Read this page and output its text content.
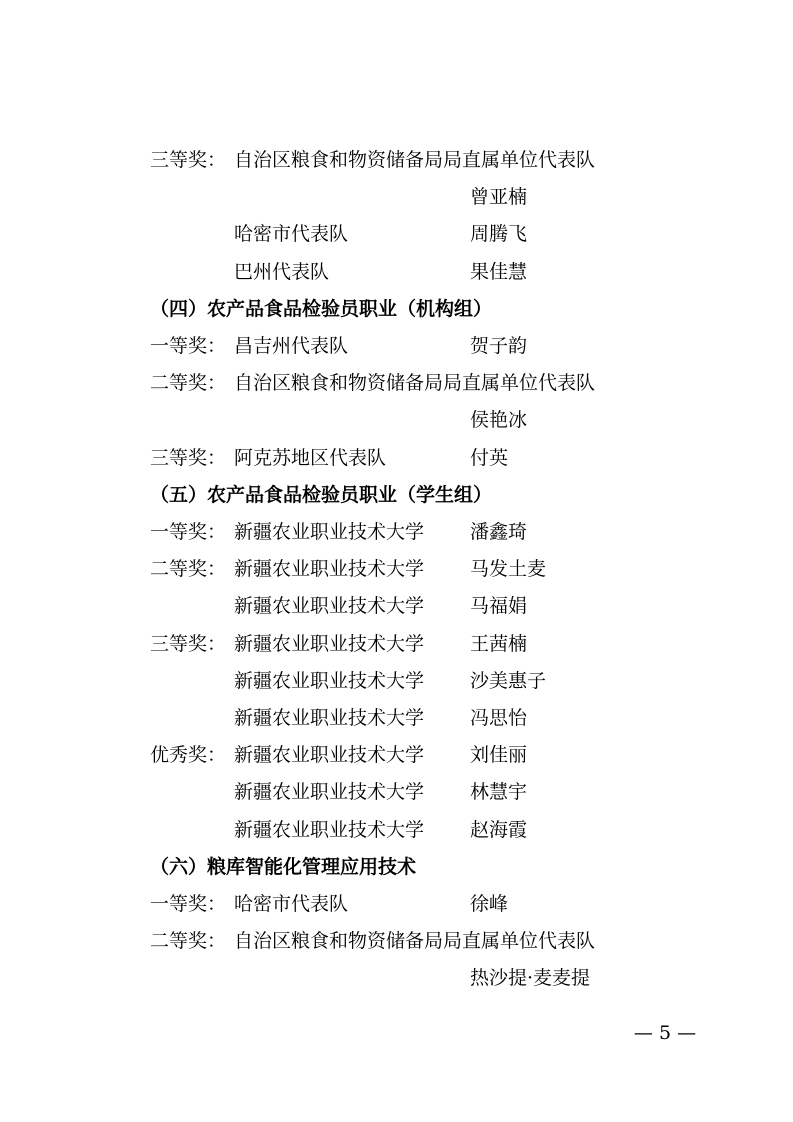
三等奖： 自治区粮食和物资储备局局直属单位代表队
曾亚楠
哈密市代表队	周腾飞
巴州代表队	果佳慧
（四）农产品食品检验员职业（机构组）
一等奖： 昌吉州代表队	贺子韵
二等奖： 自治区粮食和物资储备局局直属单位代表队
侯艳冰
三等奖： 阿克苏地区代表队	付英
（五）农产品食品检验员职业（学生组）
一等奖： 新疆农业职业技术大学 潘鑫琦
二等奖： 新疆农业职业技术大学 马发土麦
新疆农业职业技术大学 马福娟
三等奖： 新疆农业职业技术大学 王茜楠
新疆农业职业技术大学 沙美惠子
新疆农业职业技术大学 冯思怡
优秀奖： 新疆农业职业技术大学 刘佳丽
新疆农业职业技术大学 林慧宇
新疆农业职业技术大学 赵海霞
（六）粮库智能化管理应用技术
一等奖： 哈密市代表队	徐峰
二等奖： 自治区粮食和物资储备局局直属单位代表队
热沙提·麦麦提
— 5 —
